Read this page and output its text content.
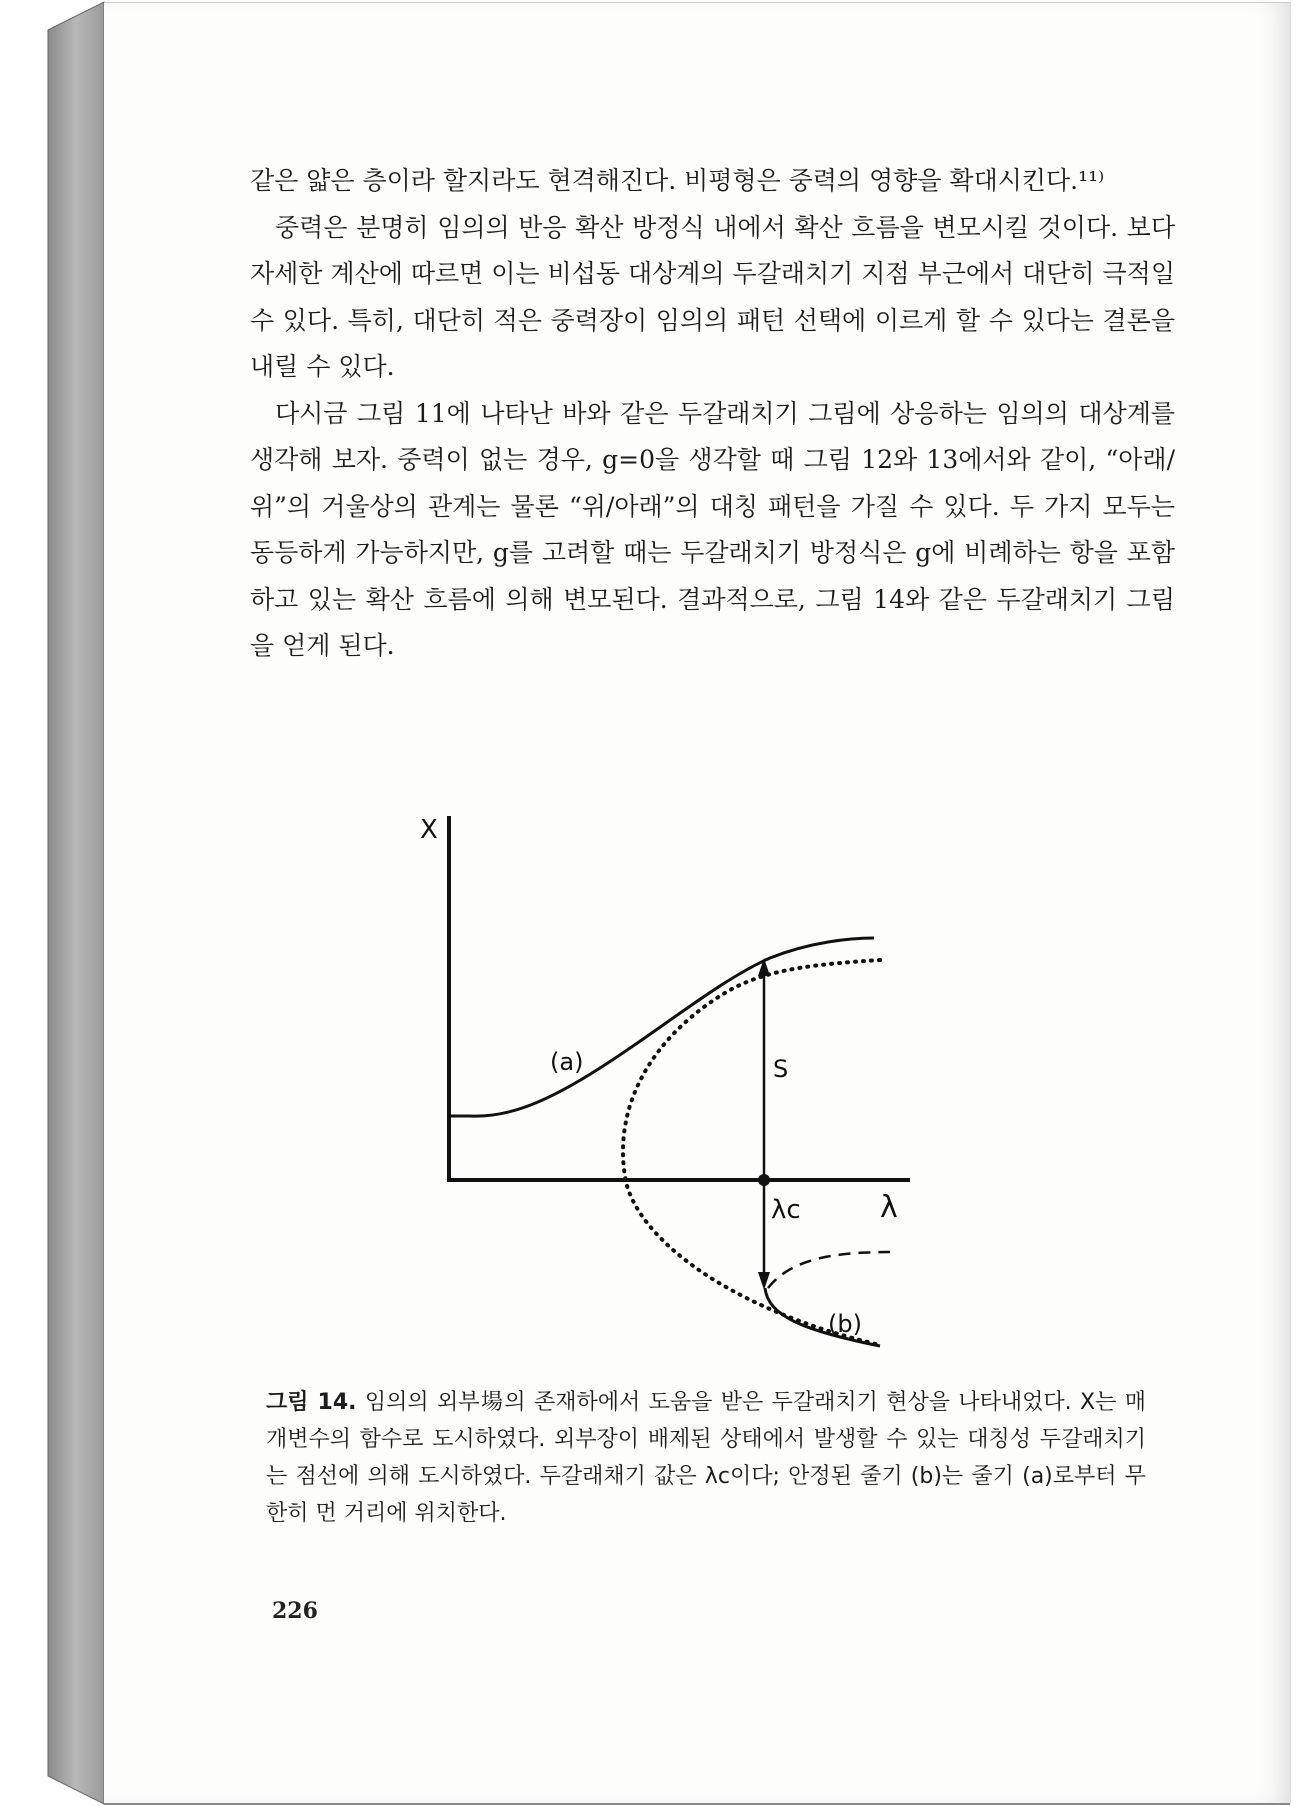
같은 얇은 층이라 할지라도 현격해진다. 비평형은 중력의 영향을 확대시킨다.¹¹⁾

중력은 분명히 임의의 반응 확산 방정식 내에서 확산 흐름을 변모시킬 것이다. 보다 자세한 계산에 따르면 이는 비섭동 대상계의 두갈래치기 지점 부근에서 대단히 극적일 수 있다. 특히, 대단히 적은 중력장이 임의의 패턴 선택에 이르게 할 수 있다는 결론을 내릴 수 있다.

다시금 그림 11에 나타난 바와 같은 두갈래치기 그림에 상응하는 임의의 대상계를 생각해 보자. 중력이 없는 경우, g=0을 생각할 때 그림 12와 13에서와 같이, “아래/위”의 거울상의 관계는 물론 “위/아래”의 대칭 패턴을 가질 수 있다. 두 가지 모두는 동등하게 가능하지만, g를 고려할 때는 두갈래치기 방정식은 g에 비례하는 항을 포함하고 있는 확산 흐름에 의해 변모된다. 결과적으로, 그림 14와 같은 두갈래치기 그림을 얻게 된다.

X
λ
S
λc
(a)
(b)
그림 14. 임의의 외부場의 존재하에서 도움을 받은 두갈래치기 현상을 나타내었다. X는 매개변수의 함수로 도시하였다. 외부장이 배제된 상태에서 발생할 수 있는 대칭성 두갈래치기는 점선에 의해 도시하였다. 두갈래채기 값은 λc이다; 안정된 줄기 (b)는 줄기 (a)로부터 무한히 먼 거리에 위치한다.
226
